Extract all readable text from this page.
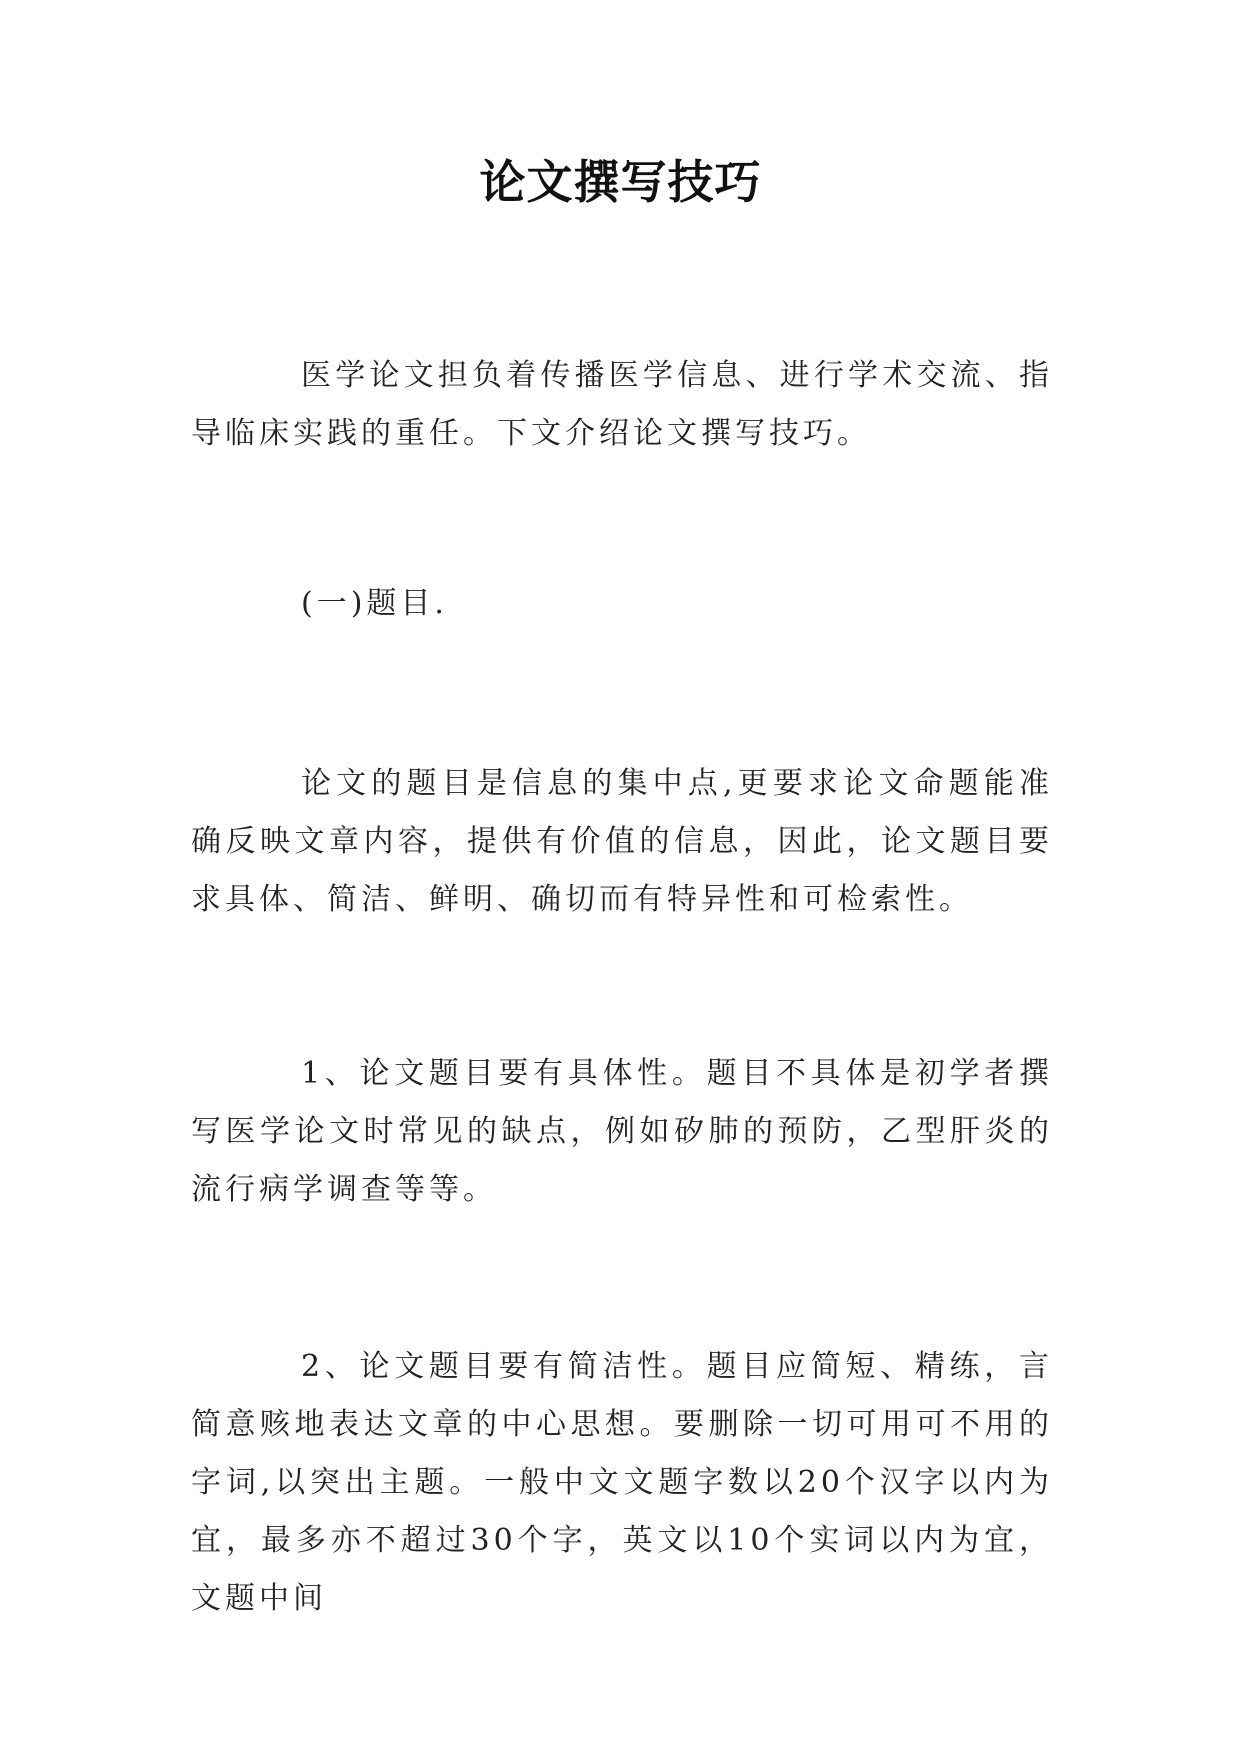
论文撰写技巧

医学论文担负着传播医学信息、进行学术交流、指导临床实践的重任。下文介绍论文撰写技巧。

(一)题目.

论文的题目是信息的集中点,更要求论文命题能准确反映文章内容，提供有价值的信息，因此，论文题目要求具体、简洁、鲜明、确切而有特异性和可检索性。

1、论文题目要有具体性。题目不具体是初学者撰写医学论文时常见的缺点，例如矽肺的预防，乙型肝炎的流行病学调查等等。

2、论文题目要有简洁性。题目应简短、精练，言简意赅地表达文章的中心思想。要删除一切可用可不用的字词,以突出主题。一般中文文题字数以20个汉字以内为宜，最多亦不超过30个字，英文以10个实词以内为宜，文题中间
